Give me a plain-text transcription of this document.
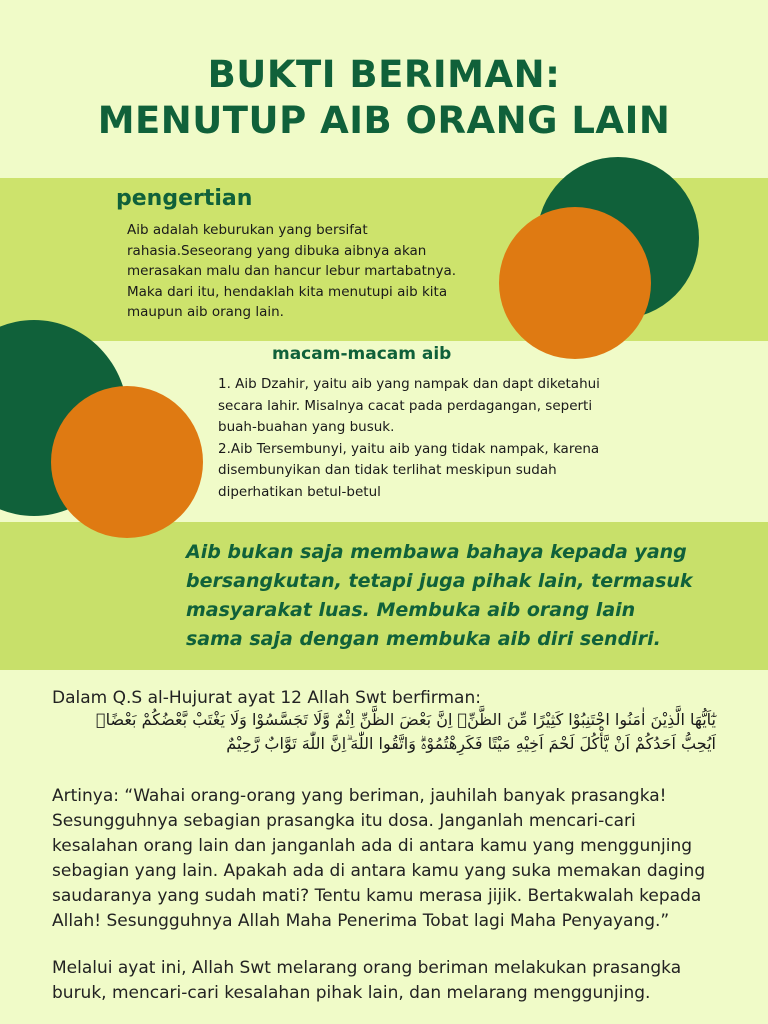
BUKTI BERIMAN:
MENUTUP AIB ORANG LAIN
pengertian
Aib adalah keburukan yang bersifat
rahasia.Seseorang yang dibuka aibnya akan
merasakan malu dan hancur lebur martabatnya.
Maka dari itu, hendaklah kita menutupi aib kita
maupun aib orang lain.
macam-macam aib
1. Aib Dzahir, yaitu aib yang nampak dan dapt diketahui
secara lahir. Misalnya cacat pada perdagangan, seperti
buah-buahan yang busuk.
2.Aib Tersembunyi, yaitu aib yang tidak nampak, karena
disembunyikan dan tidak terlihat meskipun sudah
diperhatikan betul-betul
Aib bukan saja membawa bahaya kepada yang
bersangkutan, tetapi juga pihak lain, termasuk
masyarakat luas. Membuka aib orang lain
sama saja dengan membuka aib diri sendiri.
Dalam Q.S al-Hujurat ayat 12 Allah Swt berfirman:
يٰٓاَيُّهَا الَّذِيْنَ اٰمَنُوا اجْتَنِبُوْا كَثِيْرًا مِّنَ الظَّنِّۖ اِنَّ بَعْضَ الظَّنِّ اِثْمٌ وَّلَا تَجَسَّسُوْا وَلَا يَغْتَبْ بَّعْضُكُمْ بَعْضًاۗ
اَيُحِبُّ اَحَدُكُمْ اَنْ يَّأْكُلَ لَحْمَ اَخِيْهِ مَيْتًا فَكَرِهْتُمُوْهُۗ وَاتَّقُوا اللّٰهَ ۗاِنَّ اللّٰهَ تَوَّابٌ رَّحِيْمٌ
Artinya: “Wahai orang-orang yang beriman, jauhilah banyak prasangka!
Sesungguhnya sebagian prasangka itu dosa. Janganlah mencari-cari
kesalahan orang lain dan janganlah ada di antara kamu yang menggunjing
sebagian yang lain. Apakah ada di antara kamu yang suka memakan daging
saudaranya yang sudah mati? Tentu kamu merasa jijik. Bertakwalah kepada
Allah! Sesungguhnya Allah Maha Penerima Tobat lagi Maha Penyayang.”
Melalui ayat ini, Allah Swt melarang orang beriman melakukan prasangka
buruk, mencari-cari kesalahan pihak lain, dan melarang menggunjing.
